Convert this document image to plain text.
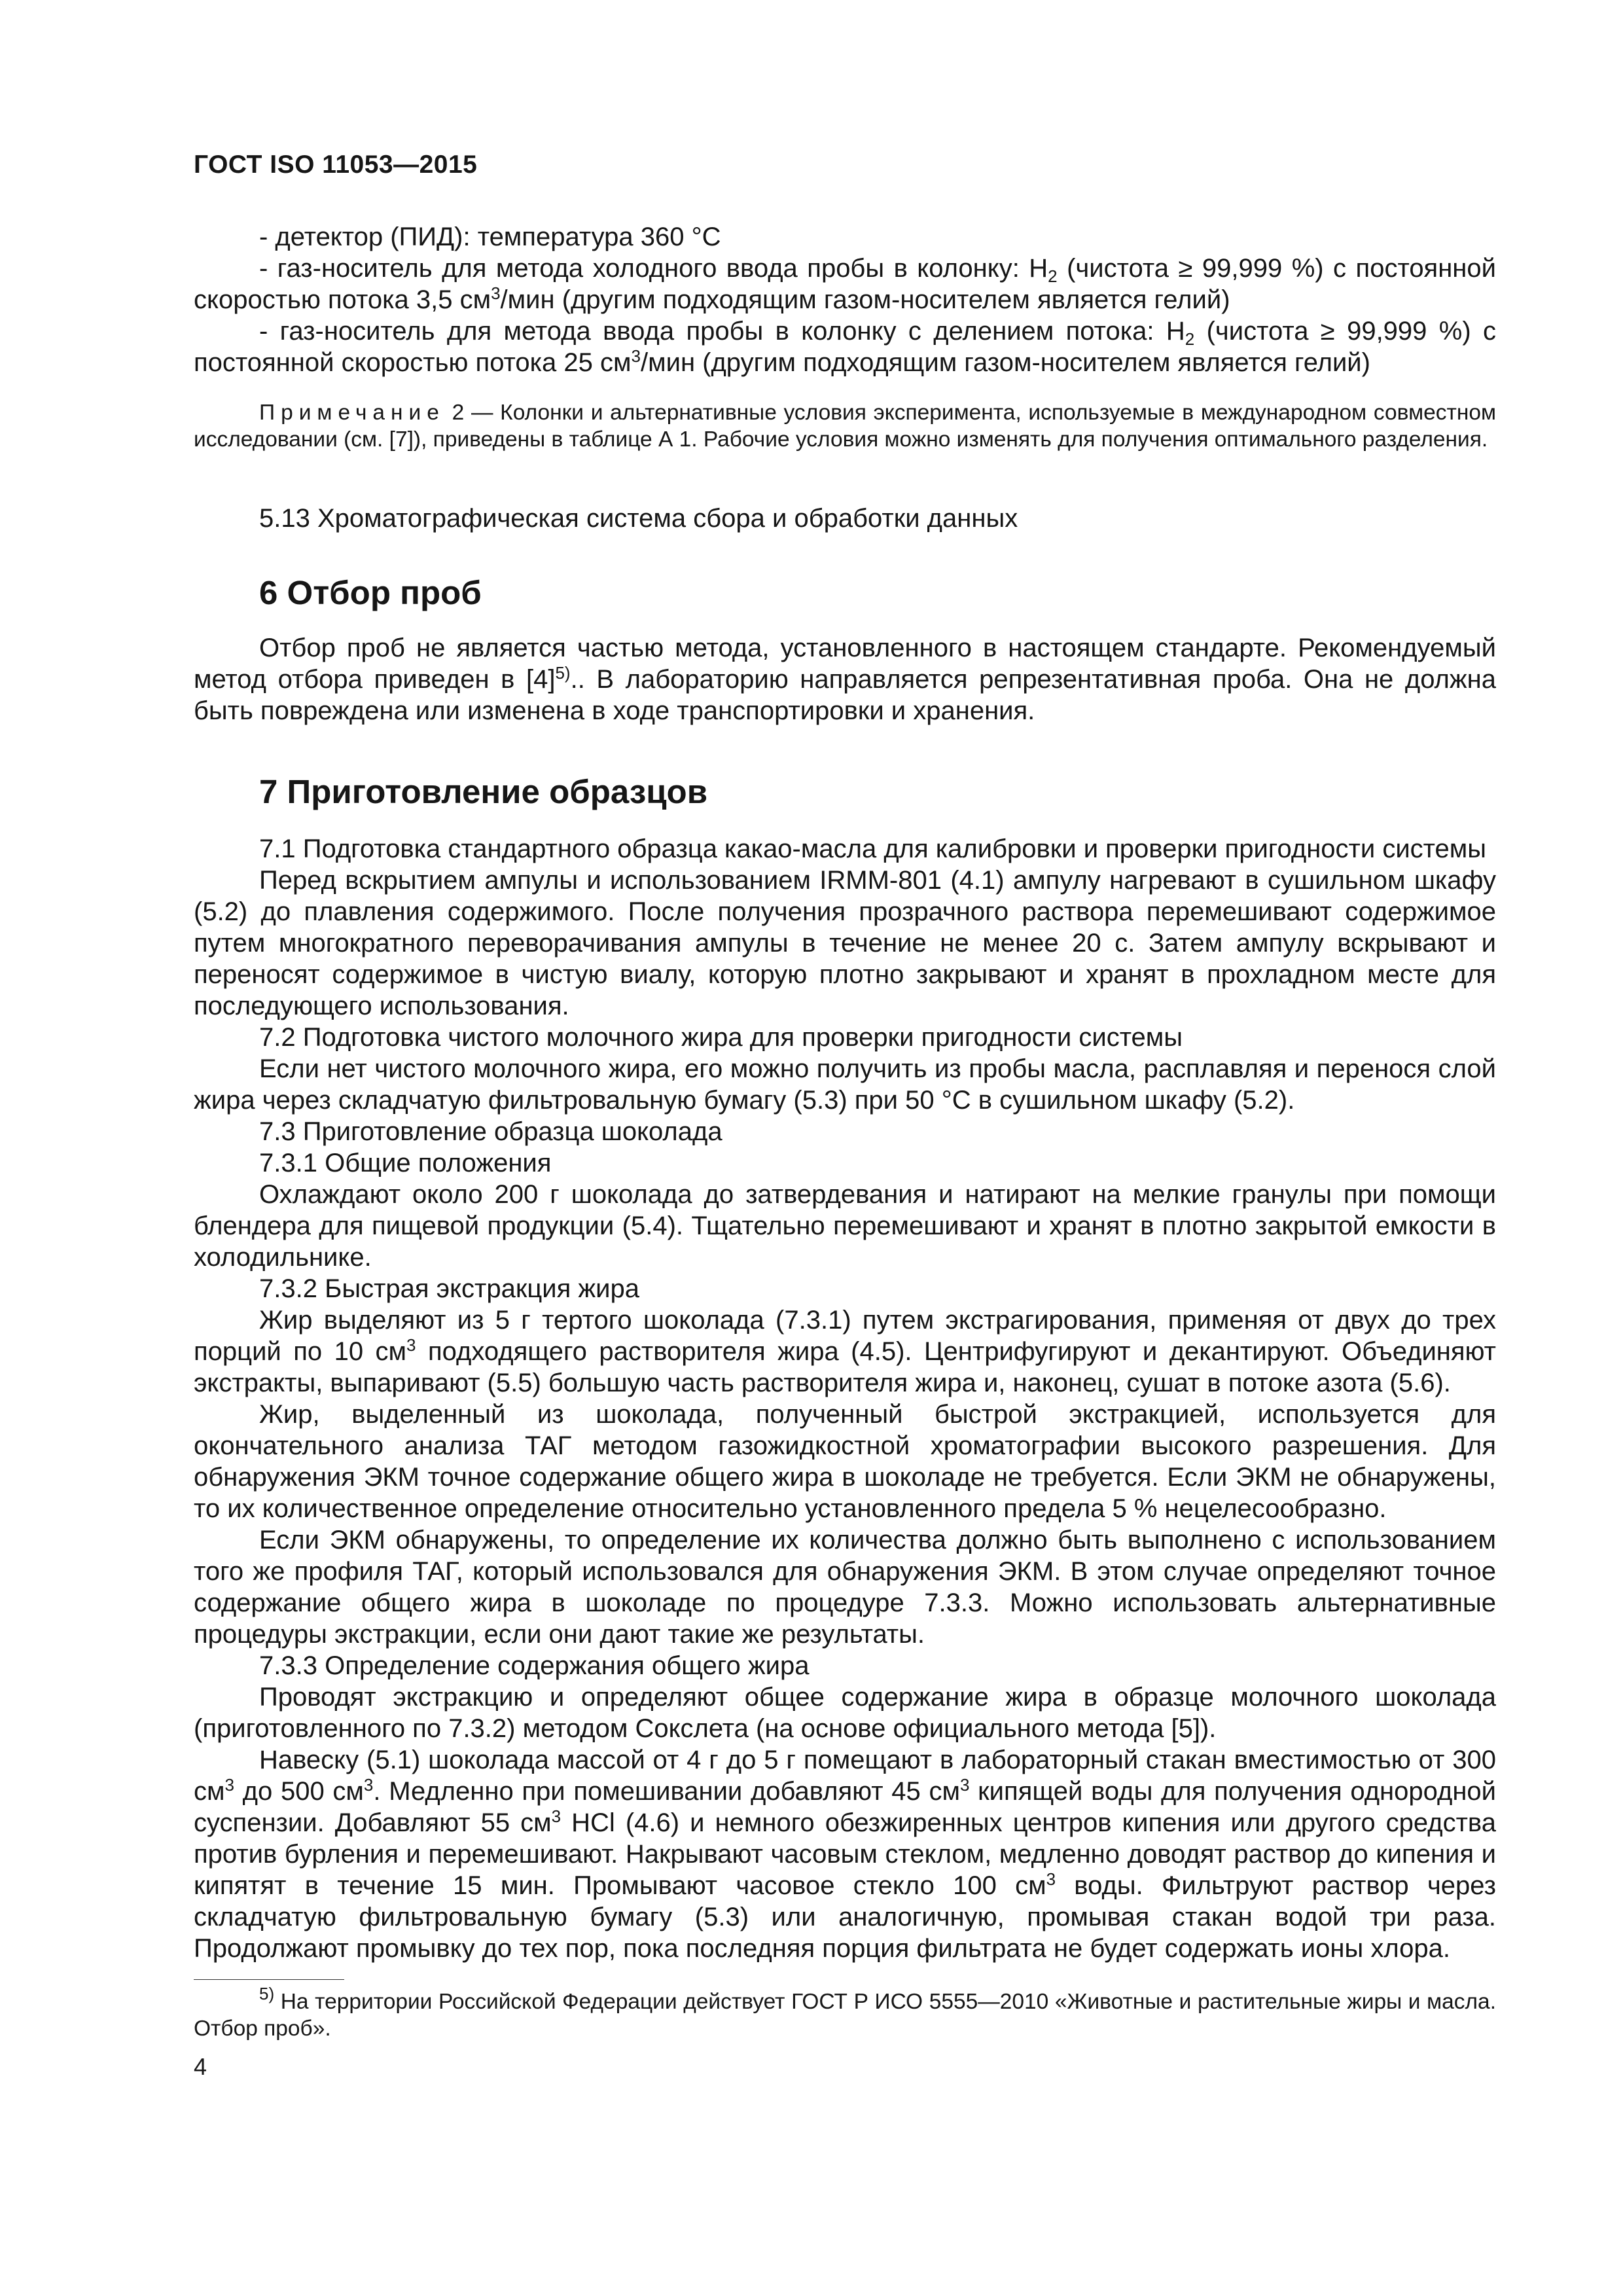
ГОСТ ISO 11053—2015

- детектор (ПИД): температура 360 °С

- газ-носитель для метода холодного ввода пробы в колонку: $H_2$ (чистота ≥ 99,999 %) с постоянной скоростью потока 3,5 $см^3$/мин (другим подходящим газом-носителем является гелий)

- газ-носитель для метода ввода пробы в колонку с делением потока: $H_2$ (чистота ≥ 99,999 %) с постоянной скоростью потока 25 $см^3$/мин (другим подходящим газом-носителем является гелий)

Примечание 2 — Колонки и альтернативные условия эксперимента, используемые в международном совместном исследовании (см. [7]), приведены в таблице А 1. Рабочие условия можно изменять для получения оптимального разделения.

5.13 Хроматографическая система сбора и обработки данных

6 Отбор проб

Отбор проб не является частью метода, установленного в настоящем стандарте. Рекомендуемый метод отбора приведен в $[4]^{5)}$.. В лабораторию направляется репрезентативная проба. Она не должна быть повреждена или изменена в ходе транспортировки и хранения.

7 Приготовление образцов

7.1 Подготовка стандартного образца какао-масла для калибровки и проверки пригодности системы

Перед вскрытием ампулы и использованием IRMM-801 (4.1) ампулу нагревают в сушильном шкафу (5.2) до плавления содержимого. После получения прозрачного раствора перемешивают содержимое путем многократного переворачивания ампулы в течение не менее 20 с. Затем ампулу вскрывают и переносят содержимое в чистую виалу, которую плотно закрывают и хранят в прохладном месте для последующего использования.

7.2 Подготовка чистого молочного жира для проверки пригодности системы

Если нет чистого молочного жира, его можно получить из пробы масла, расплавляя и перенося слой жира через складчатую фильтровальную бумагу (5.3) при 50 °С в сушильном шкафу (5.2).

7.3 Приготовление образца шоколада

7.3.1 Общие положения

Охлаждают около 200 г шоколада до затвердевания и натирают на мелкие гранулы при помощи блендера для пищевой продукции (5.4). Тщательно перемешивают и хранят в плотно закрытой емкости в холодильнике.

7.3.2 Быстрая экстракция жира

Жир выделяют из 5 г тертого шоколада (7.3.1) путем экстрагирования, применяя от двух до трех порций по 10 $см^3$ подходящего растворителя жира (4.5). Центрифугируют и декантируют. Объединяют экстракты, выпаривают (5.5) большую часть растворителя жира и, наконец, сушат в потоке азота (5.6).

Жир, выделенный из шоколада, полученный быстрой экстракцией, используется для окончательного анализа ТАГ методом газожидкостной хроматографии высокого разрешения. Для обнаружения ЭКМ точное содержание общего жира в шоколаде не требуется. Если ЭКМ не обнаружены, то их количественное определение относительно установленного предела 5 % нецелесообразно.

Если ЭКМ обнаружены, то определение их количества должно быть выполнено с использованием того же профиля ТАГ, который использовался для обнаружения ЭКМ. В этом случае определяют точное содержание общего жира в шоколаде по процедуре 7.3.3. Можно использовать альтернативные процедуры экстракции, если они дают такие же результаты.

7.3.3 Определение содержания общего жира

Проводят экстракцию и определяют общее содержание жира в образце молочного шоколада (приготовленного по 7.3.2) методом Сокслета (на основе официального метода [5]).

Навеску (5.1) шоколада массой от 4 г до 5 г помещают в лабораторный стакан вместимостью от 300 $см^3$ до 500 $см^3$. Медленно при помешивании добавляют 45 $см^3$ кипящей воды для получения однородной суспензии. Добавляют 55 $см^3$ HCl (4.6) и немного обезжиренных центров кипения или другого средства против бурления и перемешивают. Накрывают часовым стеклом, медленно доводят раствор до кипения и кипятят в течение 15 мин. Промывают часовое стекло 100 $см^3$ воды. Фильтруют раствор через складчатую фильтровальную бумагу (5.3) или аналогичную, промывая стакан водой три раза. Продолжают промывку до тех пор, пока последняя порция фильтрата не будет содержать ионы хлора.

$^{5)}$ На территории Российской Федерации действует ГОСТ Р ИСО 5555—2010 «Животные и растительные жиры и масла. Отбор проб».

4
